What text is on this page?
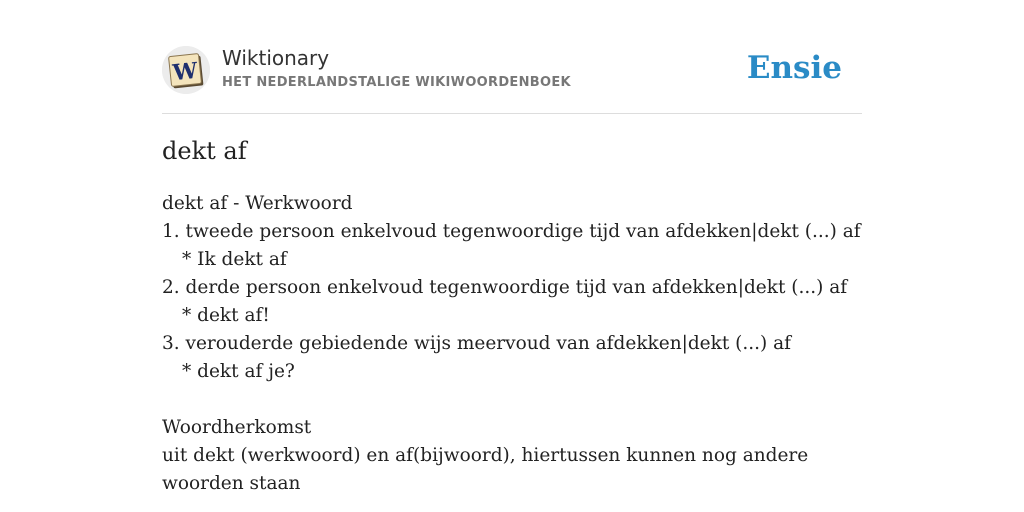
W Wiktionary
HET NEDERLANDSTALIGE WIKIWOORDENBOEK	Ensie
dekt af
dekt af - Werkwoord
1. tweede persoon enkelvoud tegenwoordige tijd van afdekken|dekt (...) af
* Ik dekt af
2. derde persoon enkelvoud tegenwoordige tijd van afdekken|dekt (...) af
* dekt af!
3. verouderde gebiedende wijs meervoud van afdekken|dekt (...) af
* dekt af je?
Woordherkomst
uit dekt (werkwoord) en af(bijwoord), hiertussen kunnen nog andere woorden staan
